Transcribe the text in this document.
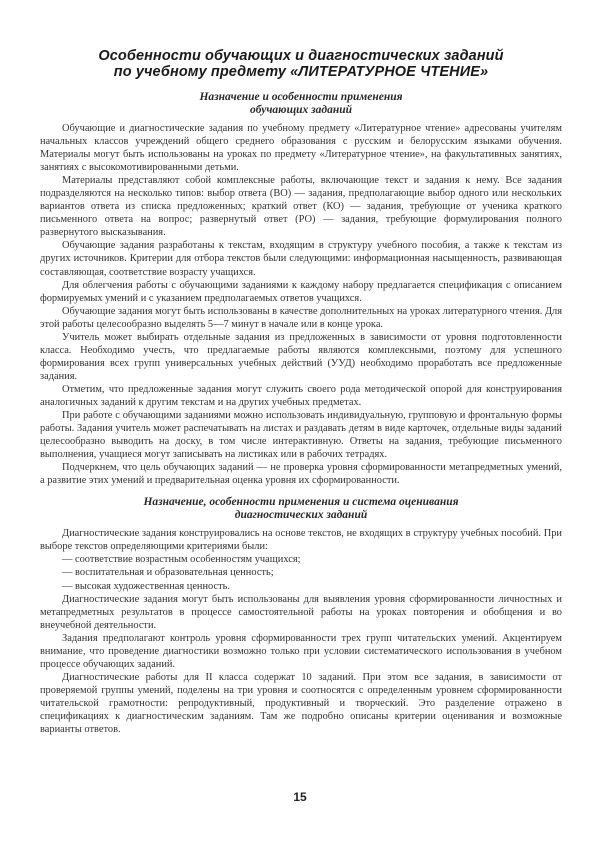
Особенности обучающих и диагностических заданий
по учебному предмету «ЛИТЕРАТУРНОЕ ЧТЕНИЕ»
Назначение и особенности применения
обучающих заданий

Обучающие и диагностические задания по учебному предмету «Литературное чтение» адресованы учителям начальных классов учреждений общего среднего образования с русским и белорусским языками обучения. Материалы могут быть использованы на уроках по предмету «Литературное чтение», на факультативных занятиях, занятиях с высокомотивированными детьми.

Материалы представляют собой комплексные работы, включающие текст и задания к нему. Все задания подразделяются на несколько типов: выбор ответа (ВО) — задания, предполагающие выбор одного или нескольких вариантов ответа из списка предложенных; краткий ответ (КО) — задания, требующие от ученика краткого письменного ответа на вопрос; развернутый ответ (РО) — задания, требующие формулирования полного развернутого высказывания.

Обучающие задания разработаны к текстам, входящим в структуру учебного пособия, а также к текстам из других источников. Критерии для отбора текстов были следующими: информационная насыщенность, развивающая составляющая, соответствие возрасту учащихся.

Для облегчения работы с обучающими заданиями к каждому набору предлагается спецификация с описанием формируемых умений и с указанием предполагаемых ответов учащихся.

Обучающие задания могут быть использованы в качестве дополнительных на уроках литературного чтения. Для этой работы целесообразно выделять 5—7 минут в начале или в конце урока.

Учитель может выбирать отдельные задания из предложенных в зависимости от уровня подготовленности класса. Необходимо учесть, что предлагаемые работы являются комплексными, поэтому для успешного формирования всех групп универсальных учебных действий (УУД) необходимо проработать все предложенные задания.

Отметим, что предложенные задания могут служить своего рода методической опорой для конструирования аналогичных заданий к другим текстам и на других учебных предметах.

При работе с обучающими заданиями можно использовать индивидуальную, групповую и фронтальную формы работы. Задания учитель может распечатывать на листах и раздавать детям в виде карточек, отдельные виды заданий целесообразно выводить на доску, в том числе интерактивную. Ответы на задания, требующие письменного выполнения, учащиеся могут записывать на листиках или в рабочих тетрадях.

Подчеркнем, что цель обучающих заданий — не проверка уровня сформированности метапредметных умений, а развитие этих умений и предварительная оценка уровня их сформированности.

Назначение, особенности применения и система оценивания
диагностических заданий

Диагностические задания конструировались на основе текстов, не входящих в структуру учебных пособий. При выборе текстов определяющими критериями были:

— соответствие возрастным особенностям учащихся;

— воспитательная и образовательная ценность;

— высокая художественная ценность.

Диагностические задания могут быть использованы для выявления уровня сформированности личностных и метапредметных результатов в процессе самостоятельной работы на уроках повторения и обобщения и во внеучебной деятельности.

Задания предполагают контроль уровня сформированности трех групп читательских умений. Акцентируем внимание, что проведение диагностики возможно только при условии систематического использования в учебном процессе обучающих заданий.

Диагностические работы для II класса содержат 10 заданий. При этом все задания, в зависимости от проверяемой группы умений, поделены на три уровня и соотносятся с определенным уровнем сформированности читательской грамотности: репродуктивный, продуктивный и творческий. Это разделение отражено в спецификациях к диагностическим заданиям. Там же подробно описаны критерии оценивания и возможные варианты ответов.

15
